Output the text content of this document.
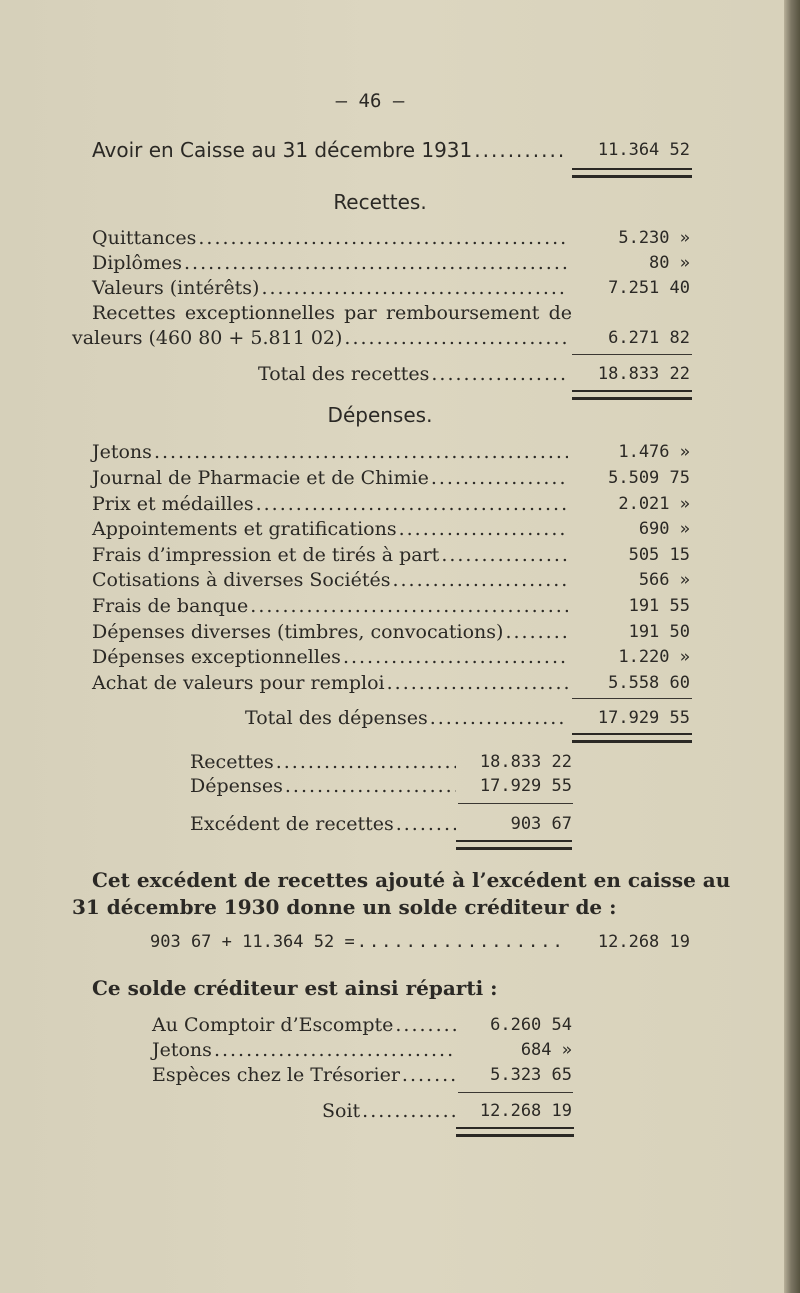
— 46 —
Avoir en Caisse au 31 décembre 1931 .....	11.364 52
Recettes.
Quittances .....	5.230 »
Diplômes .....	80 »
Valeurs (intérêts) .....	7.251 40
Recettes exceptionnelles par remboursement de
valeurs (460 80 + 5.811 02) .....	6.271 82
Total des recettes .....	18.833 22
Dépenses.
Jetons .....	1.476 »
Journal de Pharmacie et de Chimie .....	5.509 75
Prix et médailles .....	2.021 »
Appointements et gratifications .....	690 »
Frais d’impression et de tirés à part .....	505 15
Cotisations à diverses Sociétés .....	566 »
Frais de banque .....	191 55
Dépenses diverses (timbres, convocations) .....	191 50
Dépenses exceptionnelles .....	1.220 »
Achat de valeurs pour remploi .....	5.558 60
Total des dépenses .....	17.929 55
Recettes .....	18.833 22
Dépenses .....	17.929 55
Excédent de recettes .....	903 67
Cet excédent de recettes ajouté à l’excédent en caisse au
31 décembre 1930 donne un solde créditeur de :
903 67 + 11.364 52 = .....	12.268 19
Ce solde créditeur est ainsi réparti :
Au Comptoir d’Escompte .....	6.260 54
Jetons .....	684 »
Espèces chez le Trésorier .....	5.323 65
Soit .....	12.268 19
